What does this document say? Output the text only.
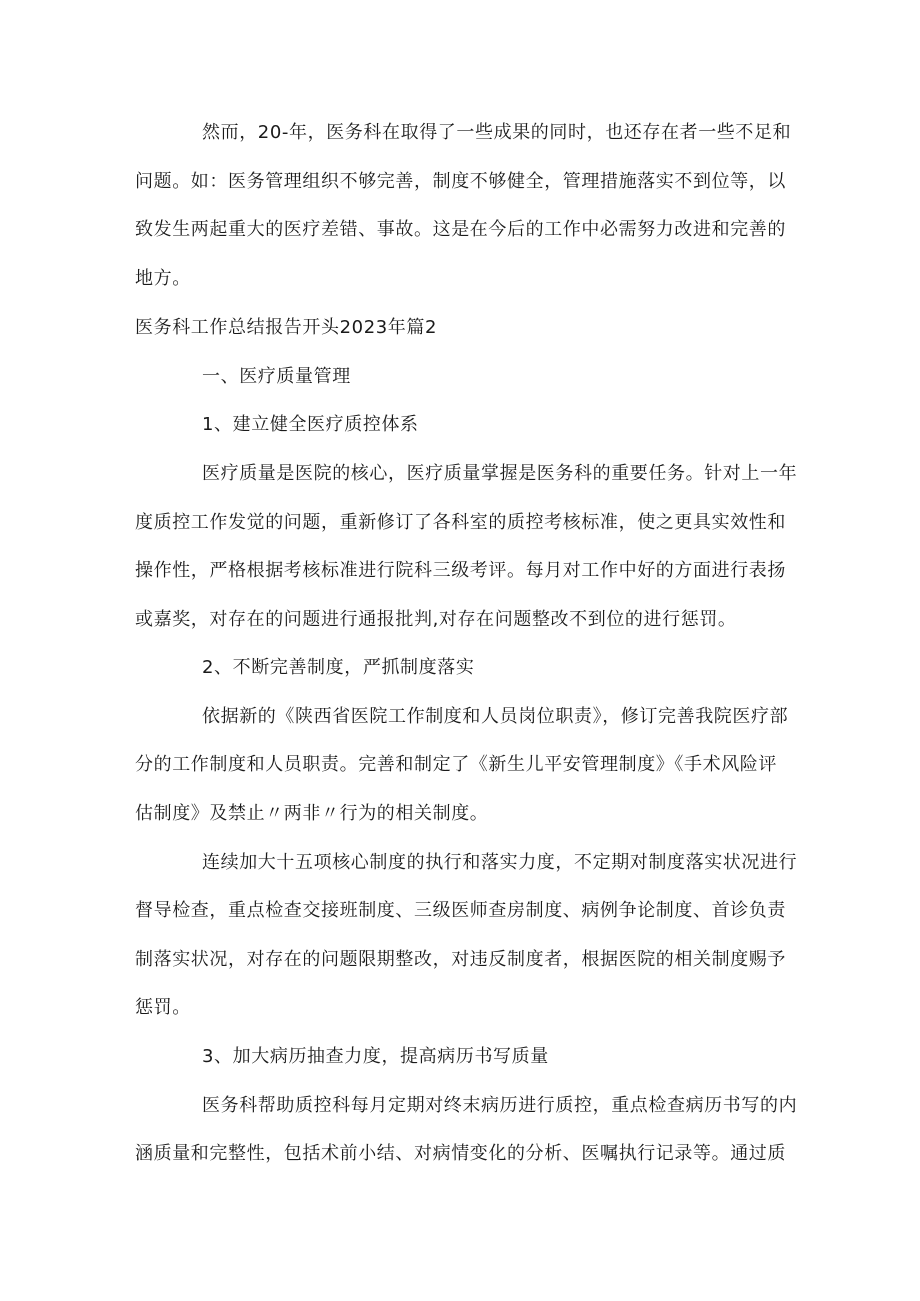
然而，20-年，医务科在取得了一些成果的同时，也还存在者一些不足和
问题。如：医务管理组织不够完善，制度不够健全，管理措施落实不到位等，以
致发生两起重大的医疗差错、事故。这是在今后的工作中必需努力改进和完善的
地方。
医务科工作总结报告开头2023年篇2
一、医疗质量管理
1、建立健全医疗质控体系
医疗质量是医院的核心，医疗质量掌握是医务科的重要任务。针对上一年
度质控工作发觉的问题，重新修订了各科室的质控考核标准，使之更具实效性和
操作性，严格根据考核标准进行院科三级考评。每月对工作中好的方面进行表扬
或嘉奖，对存在的问题进行通报批判,对存在问题整改不到位的进行惩罚。
2、不断完善制度，严抓制度落实
依据新的《陕西省医院工作制度和人员岗位职责》，修订完善我院医疗部
分的工作制度和人员职责。完善和制定了《新生儿平安管理制度》《手术风险评
估制度》及禁止〃两非〃行为的相关制度。
连续加大十五项核心制度的执行和落实力度，不定期对制度落实状况进行
督导检查，重点检查交接班制度、三级医师查房制度、病例争论制度、首诊负责
制落实状况，对存在的问题限期整改，对违反制度者，根据医院的相关制度赐予
惩罚。
3、加大病历抽查力度，提高病历书写质量
医务科帮助质控科每月定期对终末病历进行质控，重点检查病历书写的内
涵质量和完整性，包括术前小结、对病情变化的分析、医嘱执行记录等。通过质
